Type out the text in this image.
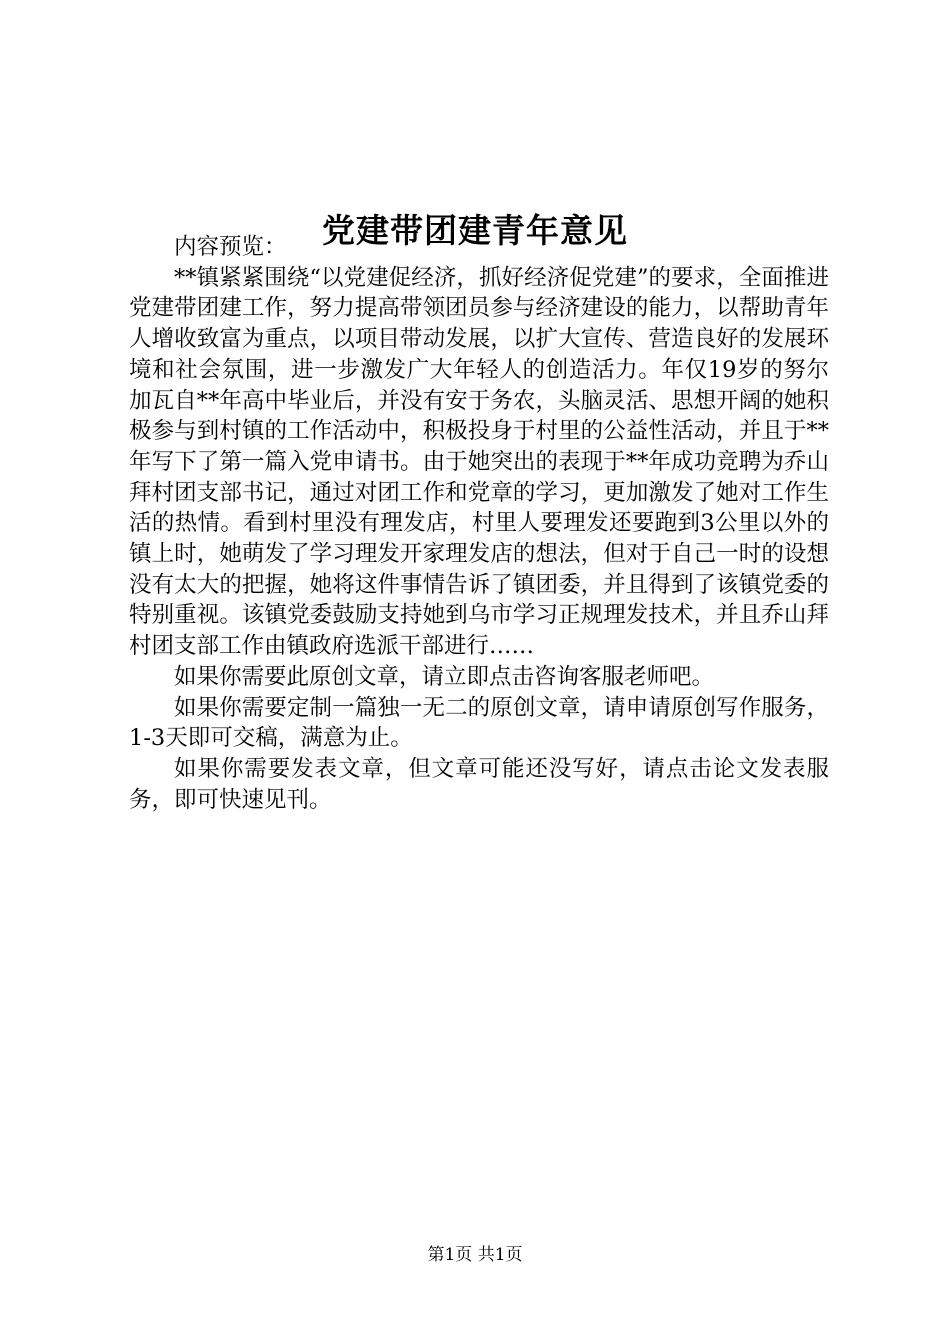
党建带团建青年意见

内容预览：

**镇紧紧围绕“以党建促经济，抓好经济促党建”的要求，全面推进党建带团建工作，努力提高带领团员参与经济建设的能力，以帮助青年人增收致富为重点，以项目带动发展，以扩大宣传、营造良好的发展环境和社会氛围，进一步激发广大年轻人的创造活力。年仅19岁的努尔加瓦自**年高中毕业后，并没有安于务农，头脑灵活、思想开阔的她积极参与到村镇的工作活动中，积极投身于村里的公益性活动，并且于**年写下了第一篇入党申请书。由于她突出的表现于**年成功竞聘为乔山拜村团支部书记，通过对团工作和党章的学习，更加激发了她对工作生活的热情。看到村里没有理发店，村里人要理发还要跑到3公里以外的镇上时，她萌发了学习理发开家理发店的想法，但对于自己一时的设想没有太大的把握，她将这件事情告诉了镇团委，并且得到了该镇党委的特别重视。该镇党委鼓励支持她到乌市学习正规理发技术，并且乔山拜村团支部工作由镇政府选派干部进行……

如果你需要此原创文章，请立即点击咨询客服老师吧。

如果你需要定制一篇独一无二的原创文章，请申请原创写作服务，1-3天即可交稿，满意为止。

如果你需要发表文章，但文章可能还没写好，请点击论文发表服务，即可快速见刊。

第1页 共1页
